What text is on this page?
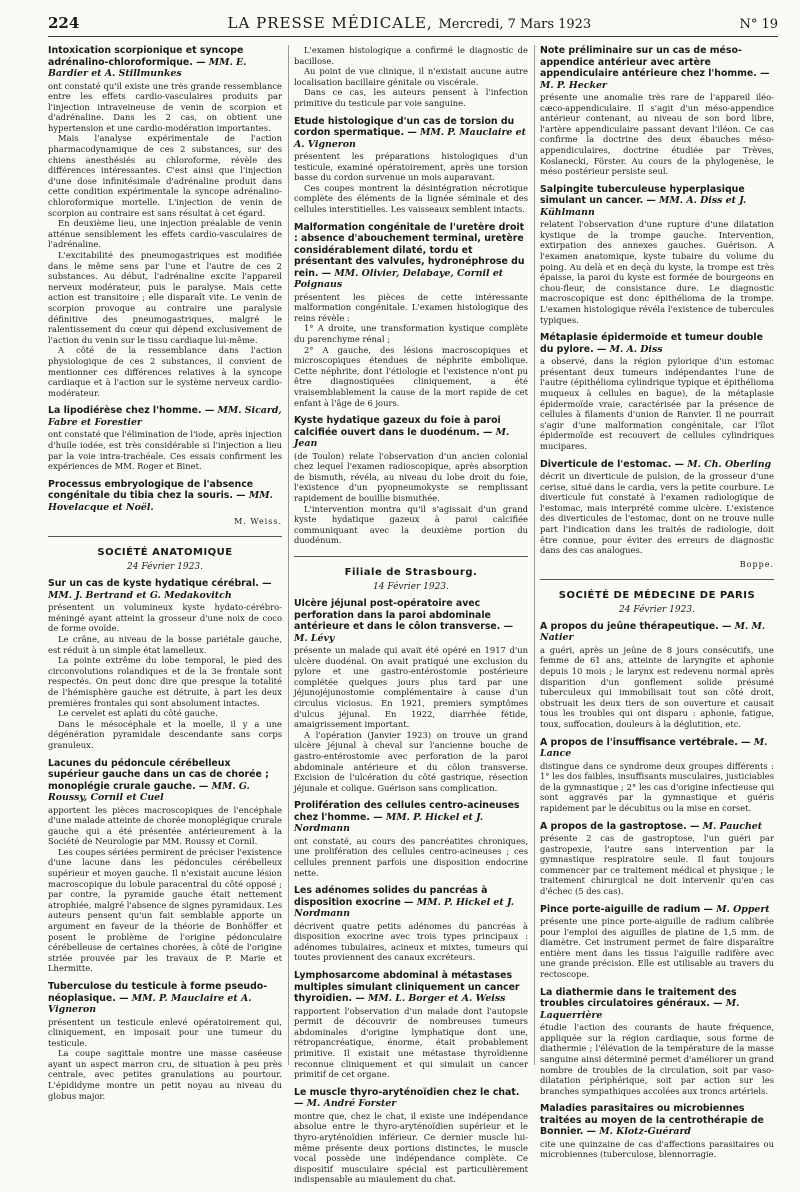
224	LA PRESSE MÉDICALE, Mercredi, 7 Mars 1923	N° 19
Intoxication scorpionique et syncope adrénalino-chloroformique. — MM. E. Bardier et A. Stillmunkes

ont constaté qu'il existe une très grande ressemblance entre les effets cardio-vasculaires produits par l'injection intraveineuse de venin de scorpion et d'adrénaline. Dans les 2 cas, on obtient une hypertension et une cardio-modération importantes.

Mais l'analyse expérimentale de l'action pharmacodynamique de ces 2 substances, sur des chiens anesthésiés au chloroforme, révèle des différences intéressantes. C'est ainsi que l'injection d'une dose infinitésimale d'adrénaline produit dans cette condition expérimentale la syncope adrénalino-chloroformique mortelle. L'injection de venin de scorpion au contraire est sans résultat à cet égard.

En deuxième lieu, une injection préalable de venin atténue sensiblement les effets cardio-vasculaires de l'adrénaline.

L'excitabilité des pneumogastriques est modifiée dans le même sens par l'une et l'autre de ces 2 substances. Au début, l'adrénaline excite l'appareil nerveux modérateur, puis le paralyse. Mais cette action est transitoire ; elle disparaît vite. Le venin de scorpion provoque au contraire une paralysie définitive des pneumogastriques, malgré le ralentissement du cœur qui dépend exclusivement de l'action du venin sur le tissu cardiaque lui-même.

A côté de la ressemblance dans l'action physiologique de ces 2 substances, il convient de mentionner ces différences relatives à la syncope cardiaque et à l'action sur le système nerveux cardio-modérateur.

La lipodiérèse chez l'homme. — MM. Sicard, Fabre et Forestier

ont constaté que l'élimination de l'iode, après injection d'huile iodée, est très considérable si l'injection a lieu par la voie intra-trachéale. Ces essais confirment les expériences de MM. Roger et Binet.

Processus embryologique de l'absence congénitale du tibia chez la souris. — MM. Hovelacque et Noël.
M. Weiss.
SOCIÉTÉ ANATOMIQUE
24 Février 1923.
Sur un cas de kyste hydatique cérébral. — MM. J. Bertrand et G. Medakovitch

présentent un volumineux kyste hydato-cérébro-méningé ayant atteint la grosseur d'une noix de coco de forme ovoïde.

Le crâne, au niveau de la bosse pariétale gauche, est réduit à un simple état lamelleux.

La pointe extrême du lobe temporal, le pied des circonvolutions rolandiques et de la 3e frontale sont respectés. On peut donc dire que presque la totalité de l'hémisphère gauche est détruite, à part les deux premières frontales qui sont absolument intactes.

Le cervelet est aplati du côté gauche.

Dans le mésocéphale et la moelle, il y a une dégénération pyramidale descendante sans corps granuleux.

Lacunes du pédoncule cérébelleux supérieur gauche dans un cas de chorée ; monoplégie crurale gauche. — MM. G. Roussy, Cornil et Cuel

apportent les pièces macroscopiques de l'encéphale d'une malade atteinte de chorée monoplégique crurale gauche qui a été présentée antérieurement à la Société de Neurologie par MM. Roussy et Cornil.

Les coupes sériées permirent de préciser l'existence d'une lacune dans les pédoncules cérébelleux supérieur et moyen gauche. Il n'existait aucune lésion macroscopique du lobule paracentral du côté opposé ; par contre, la pyramide gauche était nettement atrophiée, malgré l'absence de signes pyramidaux. Les auteurs pensent qu'un fait semblable apporte un argument en faveur de la théorie de Bonhöffer et posent le problème de l'origine pédonculaire cérébelleuse de certaines chorées, à côté de l'origine striée prouvée par les travaux de P. Marie et Lhermitte.

Tuberculose du testicule à forme pseudo-néoplasique. — MM. P. Mauclaire et A. Vigneron

présentent un testicule enlevé opératoirement qui, cliniquement, en imposait pour une tumeur du testicule.

La coupe sagittale montre une masse caséeuse ayant un aspect marron cru, de situation à peu près centrale, avec petites granulations au pourtour. L'épididyme montre un petit noyau au niveau du globus major.

L'examen histologique a confirmé le diagnostic de bacillose.

Au point de vue clinique, il n'existait aucune autre localisation bacillaire génitale ou viscérale.

Dans ce cas, les auteurs pensent à l'infection primitive du testicule par voie sanguine.

Etude histologique d'un cas de torsion du cordon spermatique. — MM. P. Mauclaire et A. Vigneron

présentent les préparations histologiques d'un testicule, examiné opératoirement, après une torsion basse du cordon survenue un mois auparavant.

Ces coupes montrent la désintégration nécrotique complète des éléments de la lignée séminale et des cellules interstitielles. Les vaisseaux semblent intacts.

Malformation congénitale de l'uretère droit : absence d'abouchement terminal, uretère considérablement dilaté, tordu et présentant des valvules, hydronéphrose du rein. — MM. Olivier, Delabaye, Cornil et Poignaus

présentent les pièces de cette intéressante malformation congénitale. L'examen histologique des reins révèle :

1° A droite, une transformation kystique complète du parenchyme rénal ;

2° A gauche, des lésions macroscopiques et microscopiques étendues de néphrite embolique. Cette néphrite, dont l'étiologie et l'existence n'ont pu être diagnostiquées cliniquement, a été vraisemblablement la cause de la mort rapide de cet enfant à l'âge de 6 jours.

Kyste hydatique gazeux du foie à paroi calcifiée ouvert dans le duodénum. — M. Jean

(de Toulon) relate l'observation d'un ancien colonial chez lequel l'examen radioscopique, après absorption de bismuth, révéla, au niveau du lobe droit du foie, l'existence d'un pyopneumokyste se remplissant rapidement de bouillie bismuthée.

L'intervention montra qu'il s'agissait d'un grand kyste hydatique gazeux à paroi calcifiée communiquant avec la deuxième portion du duodénum.

Filiale de Strasbourg.
14 Février 1923.
Ulcère jéjunal post-opératoire avec perforation dans la paroi abdominale antérieure et dans le côlon transverse. — M. Lévy

présente un malade qui avait été opéré en 1917 d'un ulcère duodénal. On avait pratiqué une exclusion du pylore et une gastro-entérostomie postérieure complétée quelques jours plus tard par une jéjunojéjunostomie complémentaire à cause d'un circulus viciosus. En 1921, premiers symptômes d'ulcus jéjunal. En 1922, diarrhée fétide, amaigrissement important.

A l'opération (Janvier 1923) on trouve un grand ulcère jéjunal à cheval sur l'ancienne bouche de gastro-entérostomie avec perforation de la paroi abdominale antérieure et du côlon transverse. Excision de l'ulcération du côté gastrique, résection jéjunale et colique. Guérison sans complication.

Prolifération des cellules centro-acineuses chez l'homme. — MM. P. Hickel et J. Nordmann

ont constaté, au cours des pancréatites chroniques, une prolifération des cellules centro-acineuses ; ces cellules prennent parfois une disposition endocrine nette.

Les adénomes solides du pancréas à disposition exocrine — MM. P. Hickel et J. Nordmann

décrivent quatre petits adénomes du pancréas à disposition exocrine avec trois types principaux : adénomes tubulaires, acineux et mixtes, tumeurs qui toutes proviennent des canaux excréteurs.

Lymphosarcome abdominal à métastases multiples simulant cliniquement un cancer thyroïdien. — MM. L. Borger et A. Weiss

rapportent l'observation d'un malade dont l'autopsie permit de découvrir de nombreuses tumeurs abdominales d'origine lymphatique dont une, rétropancréatique, énorme, était probablement primitive. Il existait une métastase thyroïdienne reconnue cliniquement et qui simulait un cancer primitif de cet organe.

Le muscle thyro-aryténoïdien chez le chat. — M. André Forster

montre que, chez le chat, il existe une indépendance absolue entre le thyro-aryténoïdien supérieur et le thyro-aryténoïdien inférieur. Ce dernier muscle lui-même présente deux portions distinctes, le muscle vocal possède une indépendance complète. Ce dispositif musculaire spécial est particulièrement indispensable au miaulement du chat.

Note préliminaire sur un cas de méso-appendice antérieur avec artère appendiculaire antérieure chez l'homme. — M. P. Hecker

présente une anomalie très rare de l'appareil iléo-cæco-appendiculaire. Il s'agit d'un méso-appendice antérieur contenant, au niveau de son bord libre, l'artère appendiculaire passant devant l'iléon. Ce cas confirme la doctrine des deux ébauches méso-appendiculaires, doctrine étudiée par Trèves, Koslanecki, Förster. Au cours de la phylogenèse, le méso postérieur persiste seul.

Salpingite tuberculeuse hyperplasique simulant un cancer. — MM. A. Diss et J. Kühlmann

relatent l'observation d'une rupture d'une dilatation kystique de la trompe gauche. Intervention, extirpation des annexes gauches. Guérison. A l'examen anatomique, kyste tubaire du volume du poing. Au delà et en deçà du kyste, la trompe est très épaisse, la paroi du kyste est formée de bourgeons en chou-fleur, de consistance dure. Le diagnostic macroscopique est donc épithélioma de la trompe. L'examen histologique révéla l'existence de tubercules typiques.

Métaplasie épidermoïde et tumeur double du pylore. — M. A. Diss

a observé, dans la région pylorique d'un estomac présentant deux tumeurs indépendantes l'une de l'autre (épithélioma cylindrique typique et épithélioma muqueux à cellules en bague), de la métaplasie épidermoïde vraie, caractérisée par la présence de cellules à filaments d'union de Ranvier. Il ne pourrait s'agir d'une malformation congénitale, car l'îlot épidermoïde est recouvert de cellules cylindriques mucipares.

Diverticule de l'estomac. — M. Ch. Oberling

décrit un diverticule de pulsion, de la grosseur d'une cerise, situé dans le cardia, vers la petite courbure. Le diverticule fut constaté à l'examen radiologique de l'estomac, mais interprété comme ulcère. L'existence des diverticules de l'estomac, dont on ne trouve nulle part l'indication dans les traités de radiologie, doit être connue, pour éviter des erreurs de diagnostic dans des cas analogues.

Boppe.
SOCIÉTÉ DE MÉDECINE DE PARIS
24 Février 1923.
A propos du jeûne thérapeutique. — M. M. Natier

a guéri, après un jeûne de 8 jours consécutifs, une femme de 61 ans, atteinte de laryngite et aphonie depuis 10 mois ; le larynx est redevenu normal après disparition d'un gonflement solide présumé tuberculeux qui immobilisait tout son côté droit, obstruait les deux tiers de son ouverture et causait tous les troubles qui ont disparu : aphonie, fatigue, toux, suffocation, douleurs à la déglutition, etc.

A propos de l'insuffisance vertébrale. — M. Lance

distingue dans ce syndrome deux groupes différents : 1° les dos faibles, insuffisants musculaires, justiciables de la gymnastique ; 2° les cas d'origine infectieuse qui sont aggravés par la gymnastique et guéris rapidement par le décubitus ou la mise en corset.

A propos de la gastroptose. — M. Pauchet

présente 2 cas de gastroptose, l'un guéri par gastropexie, l'autre sans intervention par la gymnastique respiratoire seule. Il faut toujours commencer par ce traitement médical et physique ; le traitement chirurgical ne doit intervenir qu'en cas d'échec (5 des cas).

Pince porte-aiguille de radium — M. Oppert

présente une pince porte-aiguille de radium calibrée pour l'emploi des aiguilles de platine de 1,5 mm. de diamètre. Cet instrument permet de faire disparaître entière ment dans les tissus l'aiguille radifère avec une grande précision. Elle est utilisable au travers du rectoscope.

La diathermie dans le traitement des troubles circulatoires généraux. — M. Laquerrière

étudie l'action des courants de haute fréquence, appliquée sur la région cardiaque, sous forme de diathermie ; l'élévation de la température de la masse sanguine ainsi déterminé permet d'améliorer un grand nombre de troubles de la circulation, soit par vaso-dilatation périphérique, soit par action sur les branches sympathiques accolées aux troncs artériels.

Maladies parasitaires ou microbiennes traitées au moyen de la centrothérapie de Bonnier. — M. Klotz-Guérard

cite une quinzaine de cas d'affections parasitaires ou microbiennes (tuberculose, blennorragie.
